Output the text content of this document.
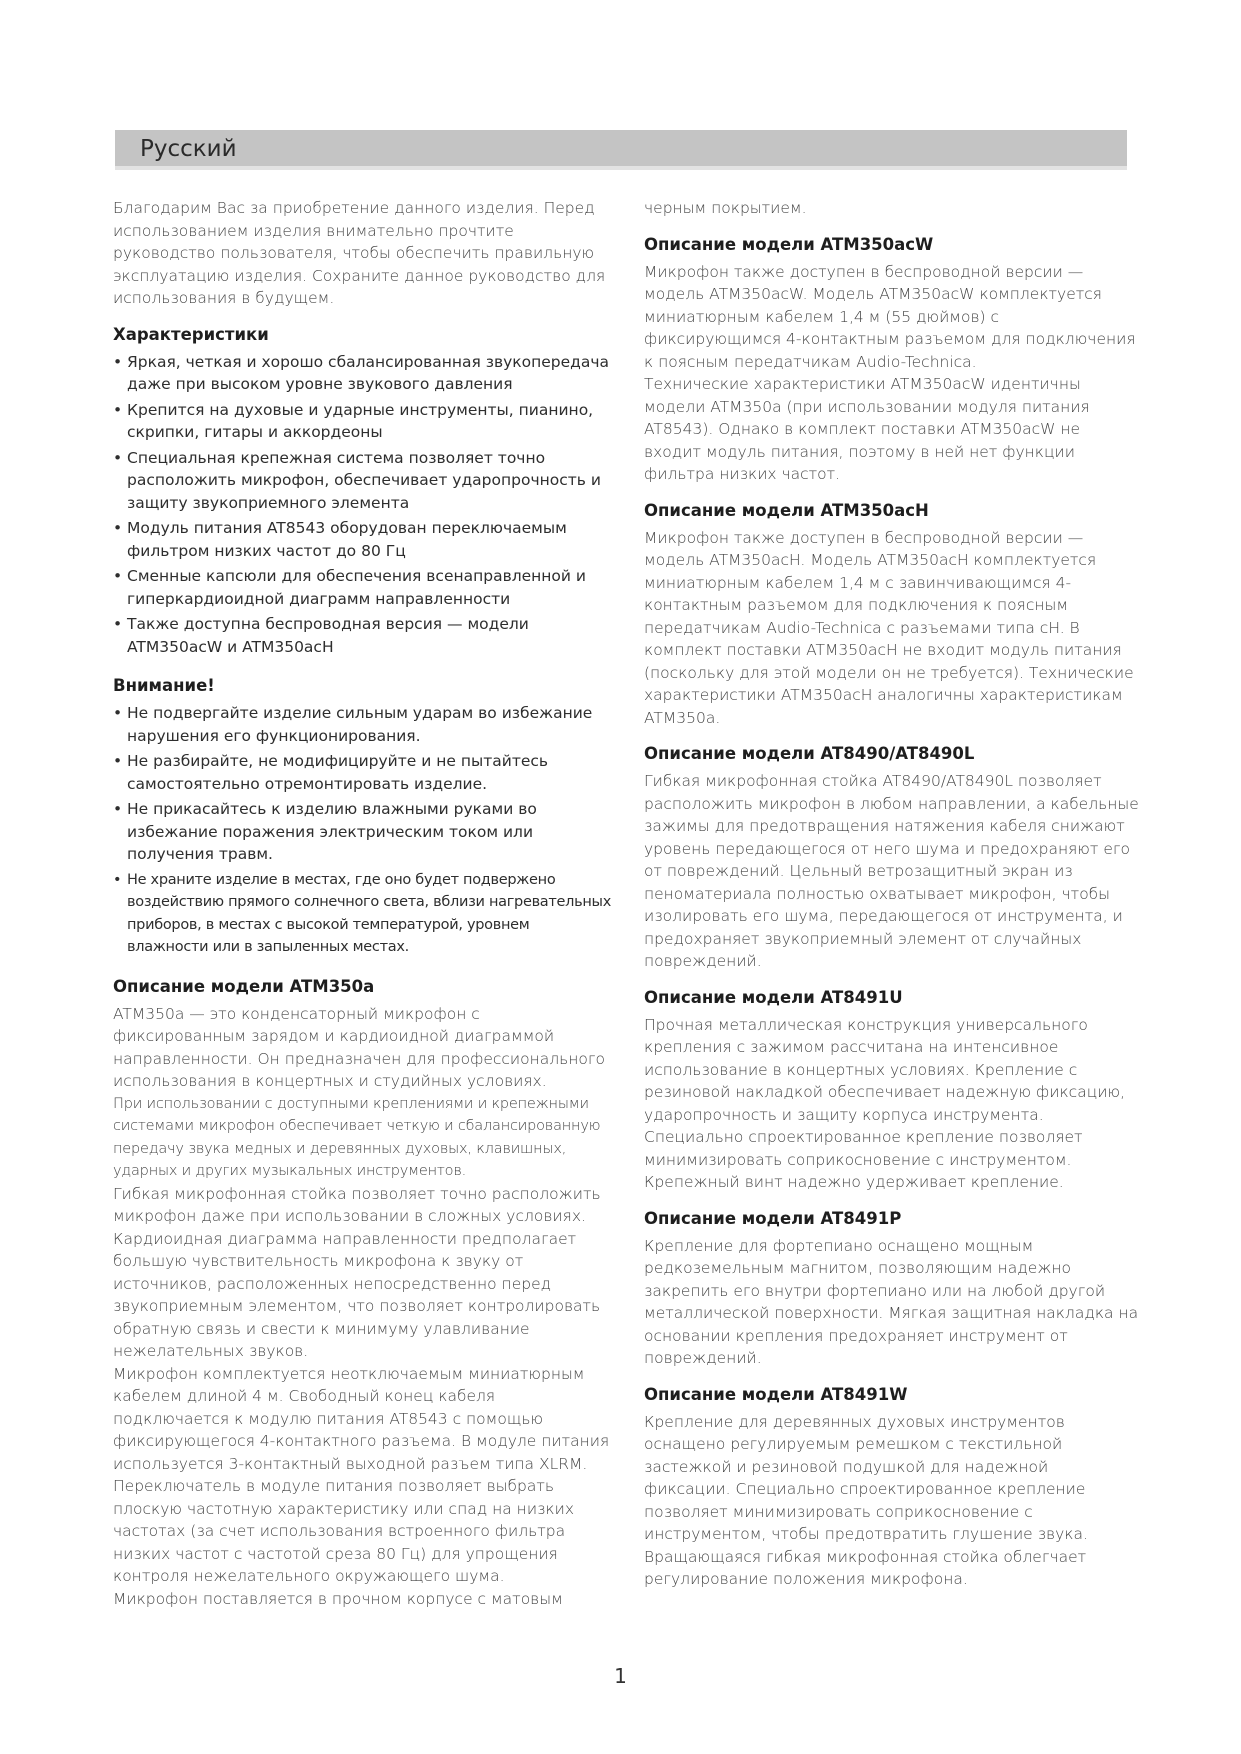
Русский

Благодарим Вас за приобретение данного изделия. Перед использованием изделия внимательно прочтите руководство пользователя, чтобы обеспечить правильную эксплуатацию изделия. Сохраните данное руководство для использования в будущем.

Характеристики
• Яркая, четкая и хорошо сбалансированная звукопередача даже при высоком уровне звукового давления
• Крепится на духовые и ударные инструменты, пианино, скрипки, гитары и аккордеоны
• Специальная крепежная система позволяет точно расположить микрофон, обеспечивает ударопрочность и защиту звукоприемного элемента
• Модуль питания AT8543 оборудован переключаемым фильтром низких частот до 80 Гц
• Сменные капсюли для обеспечения всенаправленной и гиперкардиоидной диаграмм направленности
• Также доступна беспроводная версия — модели ATM350acW и ATM350acH
Внимание!
• Не подвергайте изделие сильным ударам во избежание нарушения его функционирования.
• Не разбирайте, не модифицируйте и не пытайтесь самостоятельно отремонтировать изделие.
• Не прикасайтесь к изделию влажными руками во избежание поражения электрическим током или получения травм.
• Не храните изделие в местах, где оно будет подвержено воздействию прямого солнечного света, вблизи нагревательных приборов, в местах с высокой температурой, уровнем влажности или в запыленных местах.
Описание модели ATM350a

ATM350a — это конденсаторный микрофон с фиксированным зарядом и кардиоидной диаграммой направленности. Он предназначен для профессионального использования в концертных и студийных условиях.

При использовании с доступными креплениями и крепежными системами микрофон обеспечивает четкую и сбалансированную передачу звука медных и деревянных духовых, клавишных, ударных и других музыкальных инструментов.

Гибкая микрофонная стойка позволяет точно расположить микрофон даже при использовании в сложных условиях.

Кардиоидная диаграмма направленности предполагает большую чувствительность микрофона к звуку от источников, расположенных непосредственно перед звукоприемным элементом, что позволяет контролировать обратную связь и свести к минимуму улавливание нежелательных звуков.

Микрофон комплектуется неотключаемым миниатюрным кабелем длиной 4 м. Свободный конец кабеля подключается к модулю питания AT8543 с помощью фиксирующегося 4-контактного разъема. В модуле питания используется 3-контактный выходной разъем типа XLRM.

Переключатель в модуле питания позволяет выбрать плоскую частотную характеристику или спад на низких частотах (за счет использования встроенного фильтра низких частот с частотой среза 80 Гц) для упрощения контроля нежелательного окружающего шума.

Микрофон поставляется в прочном корпусе с матовым

черным покрытием.

Описание модели ATM350acW

Микрофон также доступен в беспроводной версии — модель ATM350acW. Модель ATM350acW комплектуется миниатюрным кабелем 1,4 м (55 дюймов) с фиксирующимся 4-контактным разъемом для подключения к поясным передатчикам Audio-Technica.

Технические характеристики ATM350acW идентичны модели ATM350a (при использовании модуля питания AT8543). Однако в комплект поставки ATM350acW не входит модуль питания, поэтому в ней нет функции фильтра низких частот.

Описание модели ATM350acH

Микрофон также доступен в беспроводной версии — модель ATM350acH. Модель ATM350acH комплектуется миниатюрным кабелем 1,4 м с завинчивающимся 4-контактным разъемом для подключения к поясным передатчикам Audio-Technica с разъемами типа cH. В комплект поставки ATM350acH не входит модуль питания (поскольку для этой модели он не требуется). Технические характеристики ATM350acH аналогичны характеристикам ATM350a.

Описание модели AT8490/AT8490L

Гибкая микрофонная стойка AT8490/AT8490L позволяет расположить микрофон в любом направлении, а кабельные зажимы для предотвращения натяжения кабеля снижают уровень передающегося от него шума и предохраняют его от повреждений. Цельный ветрозащитный экран из пеноматериала полностью охватывает микрофон, чтобы изолировать его шума, передающегося от инструмента, и предохраняет звукоприемный элемент от случайных повреждений.

Описание модели AT8491U

Прочная металлическая конструкция универсального крепления с зажимом рассчитана на интенсивное использование в концертных условиях. Крепление с резиновой накладкой обеспечивает надежную фиксацию, ударопрочность и защиту корпуса инструмента. Специально спроектированное крепление позволяет минимизировать соприкосновение с инструментом. Крепежный винт надежно удерживает крепление.

Описание модели AT8491P

Крепление для фортепиано оснащено мощным редкоземельным магнитом, позволяющим надежно закрепить его внутри фортепиано или на любой другой металлической поверхности. Мягкая защитная накладка на основании крепления предохраняет инструмент от повреждений.

Описание модели AT8491W

Крепление для деревянных духовых инструментов оснащено регулируемым ремешком с текстильной застежкой и резиновой подушкой для надежной фиксации. Специально спроектированное крепление позволяет минимизировать соприкосновение с инструментом, чтобы предотвратить глушение звука. Вращающаяся гибкая микрофонная стойка облегчает регулирование положения микрофона.

1
